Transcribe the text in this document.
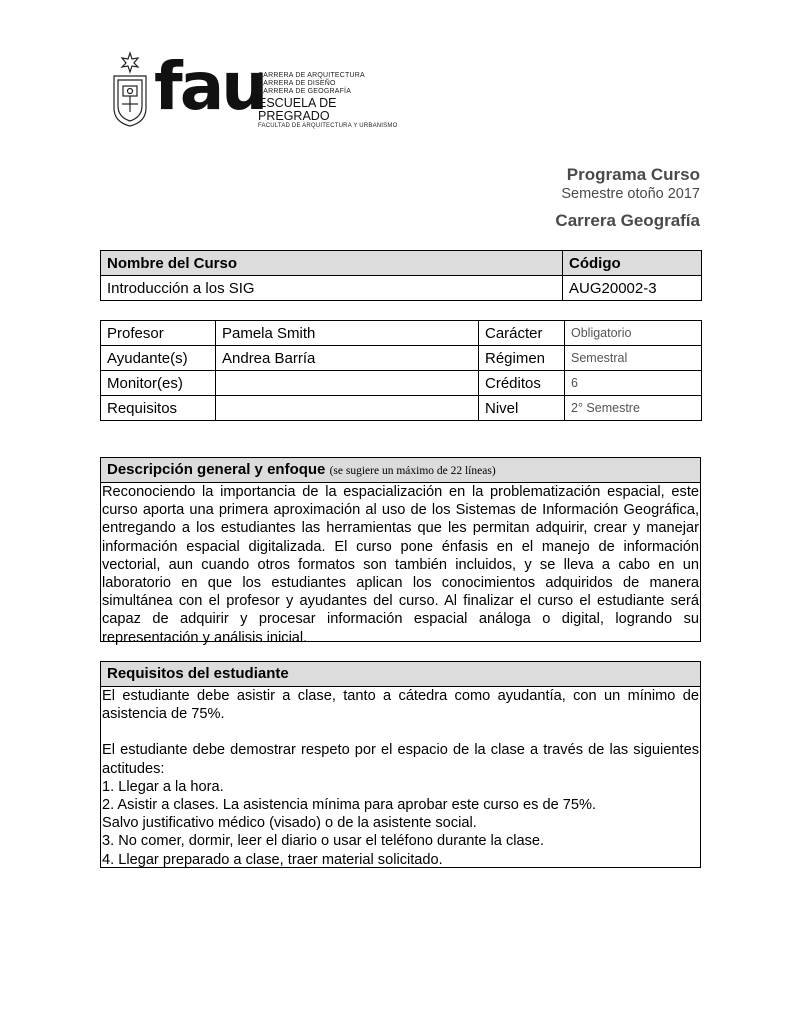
fau
CARRERA DE ARQUITECTURA
CARRERA DE DISEÑO
CARRERA DE GEOGRAFÍA
ESCUELA DE PREGRADO
FACULTAD DE ARQUITECTURA Y URBANISMO
Programa Curso
Semestre otoño 2017
Carrera Geografía
Nombre del Curso	Código
Introducción a los SIG	AUG20002-3
Profesor	Pamela Smith	Carácter	Obligatorio
Ayudante(s)	Andrea Barría	Régimen	Semestral
Monitor(es)		Créditos	6
Requisitos		Nivel	2° Semestre
Descripción general y enfoque (se sugiere un máximo de 22 líneas)
Reconociendo la importancia de la espacialización en la problematización espacial, este curso aporta una primera aproximación al uso de los Sistemas de Información Geográfica, entregando a los estudiantes las herramientas que les permitan adquirir, crear y manejar información espacial digitalizada. El curso pone énfasis en el manejo de información vectorial, aun cuando otros formatos son también incluidos, y se lleva a cabo en un laboratorio en que los estudiantes aplican los conocimientos adquiridos de manera simultánea con el profesor y ayudantes del curso. Al finalizar el curso el estudiante será capaz de adquirir y procesar información espacial análoga o digital, logrando su representación y análisis inicial.
Requisitos del estudiante

El estudiante debe asistir a clase, tanto a cátedra como ayudantía, con un mínimo de asistencia de 75%.

El estudiante debe demostrar respeto por el espacio de la clase a través de las siguientes actitudes:

1. Llegar a la hora.

2. Asistir a clases. La asistencia mínima para aprobar este curso es de 75%.

Salvo justificativo médico (visado) o de la asistente social.

3. No comer, dormir, leer el diario o usar el teléfono durante la clase.

4. Llegar preparado a clase, traer material solicitado.
